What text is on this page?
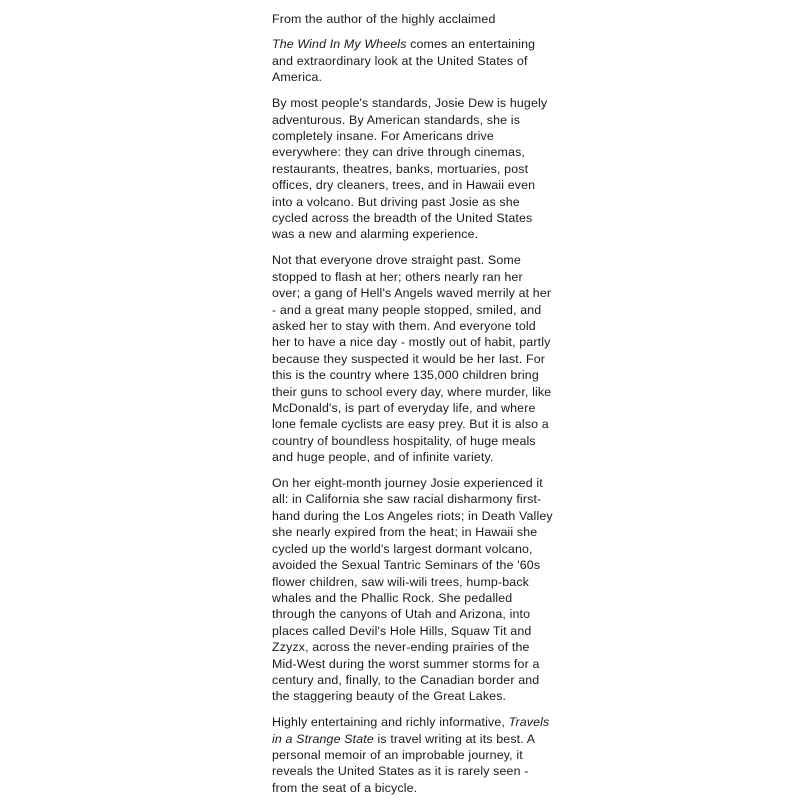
From the author of the highly acclaimed

The Wind In My Wheels comes an entertaining and extraordinary look at the United States of America.

By most people's standards, Josie Dew is hugely adventurous. By American standards, she is completely insane. For Americans drive everywhere: they can drive through cinemas, restaurants, theatres, banks, mortuaries, post offices, dry cleaners, trees, and in Hawaii even into a volcano. But driving past Josie as she cycled across the breadth of the United States was a new and alarming experience.

Not that everyone drove straight past. Some stopped to flash at her; others nearly ran her over; a gang of Hell's Angels waved merrily at her - and a great many people stopped, smiled, and asked her to stay with them. And everyone told her to have a nice day - mostly out of habit, partly because they suspected it would be her last. For this is the country where 135,000 children bring their guns to school every day, where murder, like McDonald's, is part of everyday life, and where lone female cyclists are easy prey. But it is also a country of boundless hospitality, of huge meals and huge people, and of infinite variety.

On her eight-month journey Josie experienced it all: in California she saw racial disharmony first-hand during the Los Angeles riots; in Death Valley she nearly expired from the heat; in Hawaii she cycled up the world's largest dormant volcano, avoided the Sexual Tantric Seminars of the '60s flower children, saw wili-wili trees, hump-back whales and the Phallic Rock. She pedalled through the canyons of Utah and Arizona, into places called Devil's Hole Hills, Squaw Tit and Zzyzx, across the never-ending prairies of the Mid-West during the worst summer storms for a century and, finally, to the Canadian border and the staggering beauty of the Great Lakes.

Highly entertaining and richly informative, Travels in a Strange State is travel writing at its best. A personal memoir of an improbable journey, it reveals the United States as it is rarely seen - from the seat of a bicycle.
